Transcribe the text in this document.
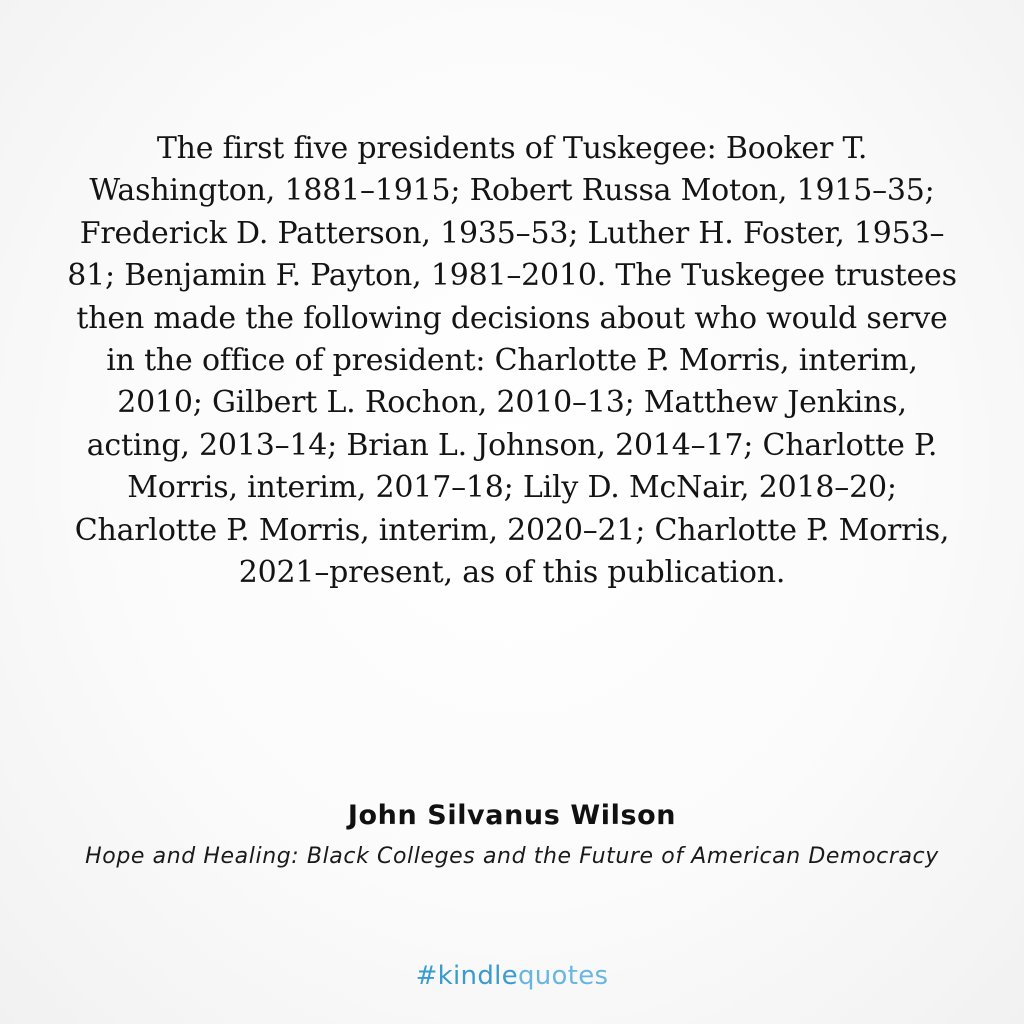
The first five presidents of Tuskegee: Booker T. Washington, 1881–1915; Robert Russa Moton, 1915–35; Frederick D. Patterson, 1935–53; Luther H. Foster, 1953–81; Benjamin F. Payton, 1981–2010. The Tuskegee trustees then made the following decisions about who would serve in the office of president: Charlotte P. Morris, interim, 2010; Gilbert L. Rochon, 2010–13; Matthew Jenkins, acting, 2013–14; Brian L. Johnson, 2014–17; Charlotte P. Morris, interim, 2017–18; Lily D. McNair, 2018–20; Charlotte P. Morris, interim, 2020–21; Charlotte P. Morris, 2021–present, as of this publication.

John Silvanus Wilson
Hope and Healing: Black Colleges and the Future of American Democracy
#kindlequotes
